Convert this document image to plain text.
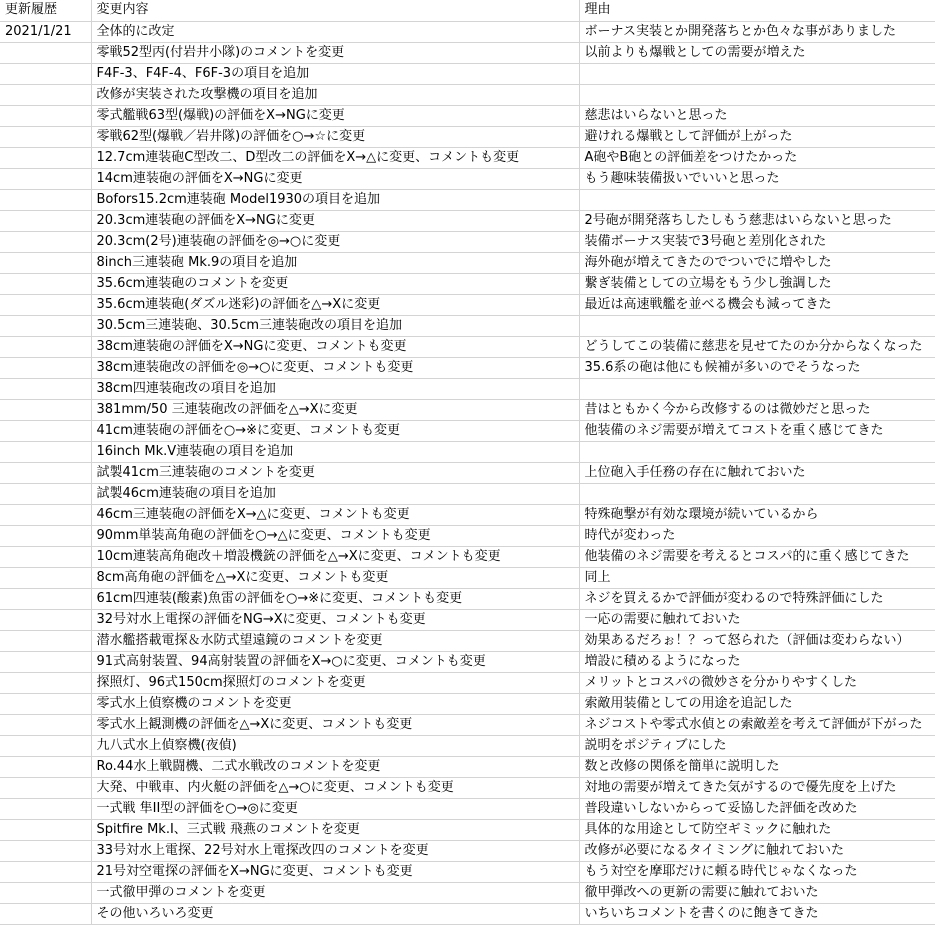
更新履歴	変更内容	理由
2021/1/21	全体的に改定	ボーナス実装とか開発落ちとか色々な事がありました
	零戦52型丙(付岩井小隊)のコメントを変更	以前よりも爆戦としての需要が増えた
	F4F-3、F4F-4、F6F-3の項目を追加	
	改修が実装された攻撃機の項目を追加	
	零式艦戦63型(爆戦)の評価をX→NGに変更	慈悲はいらないと思った
	零戦62型(爆戦／岩井隊)の評価を○→☆に変更	避けれる爆戦として評価が上がった
	12.7cm連装砲C型改二、D型改二の評価をX→△に変更、コメントも変更	A砲やB砲との評価差をつけたかった
	14cm連装砲の評価をX→NGに変更	もう趣味装備扱いでいいと思った
	Bofors15.2cm連装砲 Model1930の項目を追加	
	20.3cm連装砲の評価をX→NGに変更	2号砲が開発落ちしたしもう慈悲はいらないと思った
	20.3cm(2号)連装砲の評価を◎→○に変更	装備ボーナス実装で3号砲と差別化された
	8inch三連装砲 Mk.9の項目を追加	海外砲が増えてきたのでついでに増やした
	35.6cm連装砲のコメントを変更	繋ぎ装備としての立場をもう少し強調した
	35.6cm連装砲(ダズル迷彩)の評価を△→Xに変更	最近は高速戦艦を並べる機会も減ってきた
	30.5cm三連装砲、30.5cm三連装砲改の項目を追加	
	38cm連装砲の評価をX→NGに変更、コメントも変更	どうしてこの装備に慈悲を見せてたのか分からなくなった
	38cm連装砲改の評価を◎→○に変更、コメントも変更	35.6系の砲は他にも候補が多いのでそうなった
	38cm四連装砲改の項目を追加	
	381mm/50 三連装砲改の評価を△→Xに変更	昔はともかく今から改修するのは微妙だと思った
	41cm連装砲の評価を○→※に変更、コメントも変更	他装備のネジ需要が増えてコストを重く感じてきた
	16inch Mk.V連装砲の項目を追加	
	試製41cm三連装砲のコメントを変更	上位砲入手任務の存在に触れておいた
	試製46cm連装砲の項目を追加	
	46cm三連装砲の評価をX→△に変更、コメントも変更	特殊砲撃が有効な環境が続いているから
	90mm単装高角砲の評価を○→△に変更、コメントも変更	時代が変わった
	10cm連装高角砲改＋増設機銃の評価を△→Xに変更、コメントも変更	他装備のネジ需要を考えるとコスパ的に重く感じてきた
	8cm高角砲の評価を△→Xに変更、コメントも変更	同上
	61cm四連装(酸素)魚雷の評価を○→※に変更、コメントも変更	ネジを買えるかで評価が変わるので特殊評価にした
	32号対水上電探の評価をNG→Xに変更、コメントも変更	一応の需要に触れておいた
	潜水艦搭載電探＆水防式望遠鏡のコメントを変更	効果あるだろぉ！？って怒られた（評価は変わらない）
	91式高射装置、94高射装置の評価をX→○に変更、コメントも変更	増設に積めるようになった
	探照灯、96式150cm探照灯のコメントを変更	メリットとコスパの微妙さを分かりやすくした
	零式水上偵察機のコメントを変更	索敵用装備としての用途を追記した
	零式水上観測機の評価を△→Xに変更、コメントも変更	ネジコストや零式水偵との索敵差を考えて評価が下がった
	九八式水上偵察機(夜偵)	説明をポジティブにした
	Ro.44水上戦闘機、二式水戦改のコメントを変更	数と改修の関係を簡単に説明した
	大発、中戦車、内火艇の評価を△→○に変更、コメントも変更	対地の需要が増えてきた気がするので優先度を上げた
	一式戦 隼II型の評価を○→◎に変更	普段違いしないからって妥協した評価を改めた
	Spitfire Mk.I、三式戦 飛燕のコメントを変更	具体的な用途として防空ギミックに触れた
	33号対水上電探、22号対水上電探改四のコメントを変更	改修が必要になるタイミングに触れておいた
	21号対空電探の評価をX→NGに変更、コメントも変更	もう対空を摩耶だけに頼る時代じゃなくなった
	一式徹甲弾のコメントを変更	徹甲弾改への更新の需要に触れておいた
	その他いろいろ変更	いちいちコメントを書くのに飽きてきた
